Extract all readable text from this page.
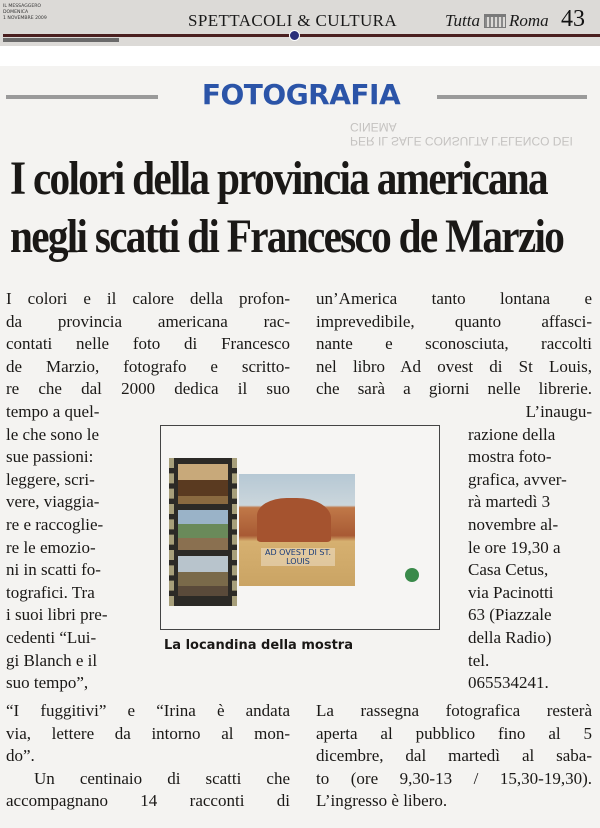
IL MESSAGGERO
DOMENICA
1 NOVEMBRE 2009	SPETTACOLI & CULTURA	Tutta Roma 43
FOTOGRAFIA
PER IL SALE CONSULTA L'ELENCO DEI CINEMA
I colori della provincia americana
negli scatti di Francesco de Marzio
I colori e il calore della profon-
da provincia americana rac-
contati nelle foto di Francesco
de Marzio, fotografo e scritto-
re che dal 2000 dedica il suo
tempo a quel-
le che sono le
sue passioni:
leggere, scri-
vere, viaggia-
re e raccoglie-
re le emozio-
ni in scatti fo-
tografici. Tra
i suoi libri pre-
cedenti “Lui-
gi Blanch e il
suo tempo”,
“I fuggitivi” e “Irina è andata
via, lettere da intorno al mon-
do”.
Un centinaio di scatti che
accompagnano 14 racconti di
un’America tanto lontana e
imprevedibile, quanto affasci-
nante e sconosciuta, raccolti
nel libro Ad ovest di St Louis,
che sarà a giorni nelle librerie.
L’inaugu-
razione della
mostra foto-
grafica, avver-
rà martedì 3
novembre al-
le ore 19,30 a
Casa Cetus,
via Pacinotti
63 (Piazzale
della Radio)
tel.
065534241.
La rassegna fotografica resterà
aperta al pubblico fino al 5
dicembre, dal martedì al saba-
to (ore 9,30-13 / 15,30-19,30).
L’ingresso è libero.
AD OVEST DI ST. LOUIS
La locandina della mostra
